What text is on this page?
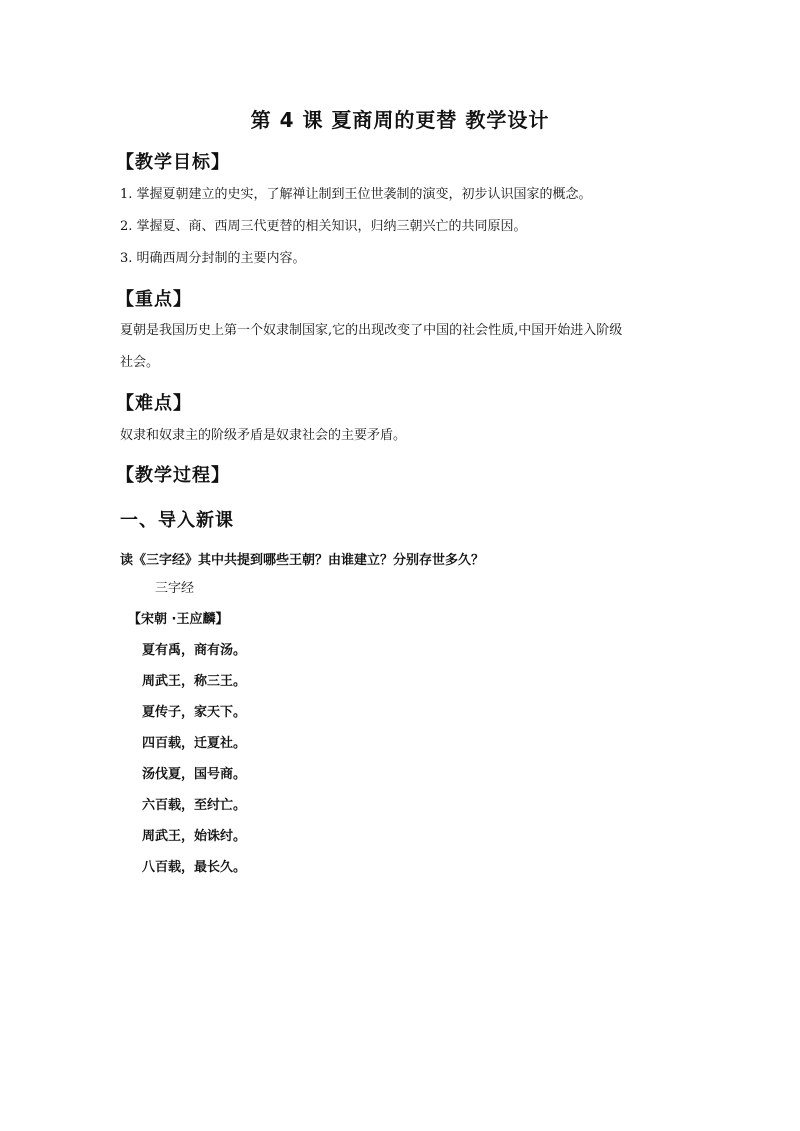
第 4 课 夏商周的更替 教学设计
【教学目标】
1. 掌握夏朝建立的史实，了解禅让制到王位世袭制的演变，初步认识国家的概念。
2. 掌握夏、商、西周三代更替的相关知识，归纳三朝兴亡的共同原因。
3. 明确西周分封制的主要内容。
【重点】
夏朝是我国历史上第一个奴隶制国家,它的出现改变了中国的社会性质,中国开始进入阶级
社会。
【难点】
奴隶和奴隶主的阶级矛盾是奴隶社会的主要矛盾。
【教学过程】
一、导入新课
读《三字经》其中共提到哪些王朝？由谁建立？分别存世多久？
三字经
【宋朝 ·王应麟】
夏有禹，商有汤。
周武王，称三王。
夏传子，家天下。
四百载，迁夏社。
汤伐夏，国号商。
六百载，至纣亡。
周武王，始诛纣。
八百载，最长久。
